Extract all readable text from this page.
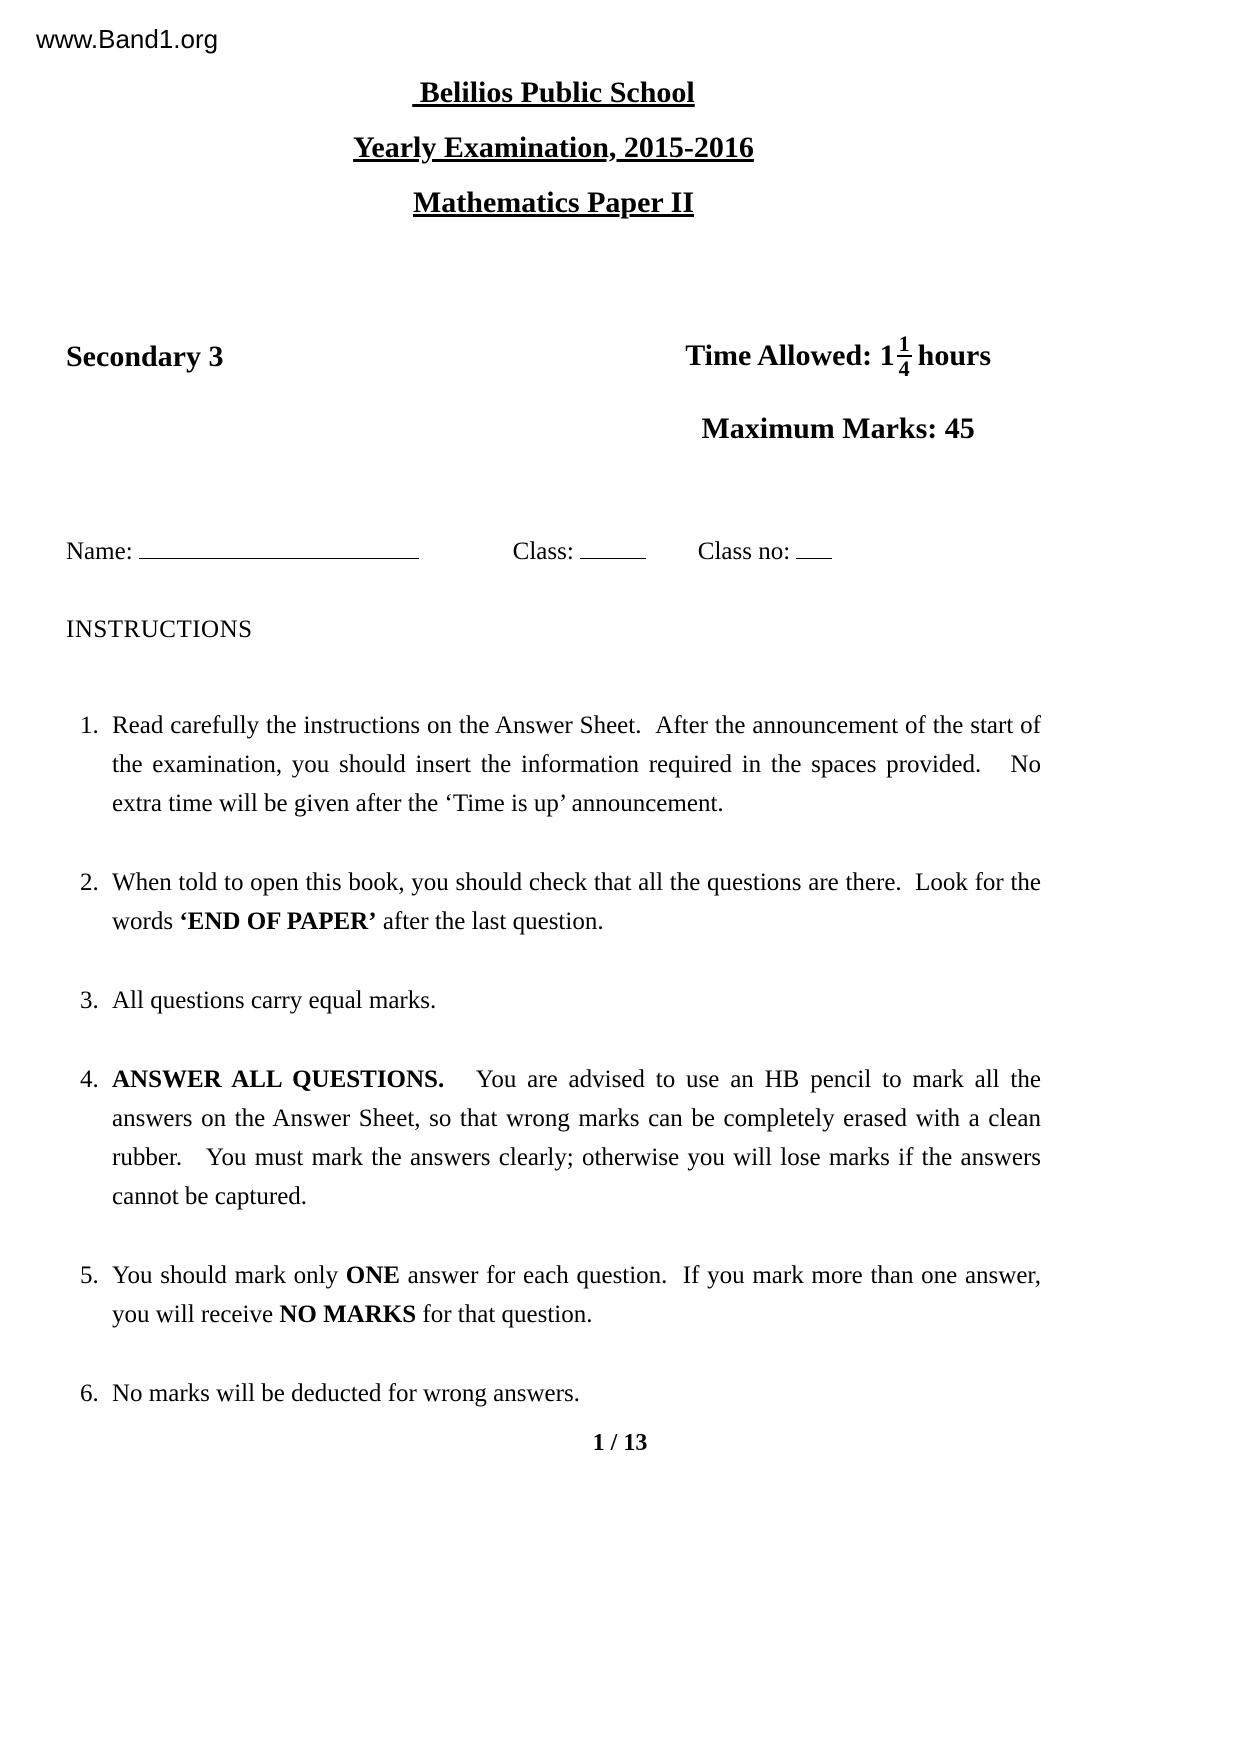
www.Band1.org
Belilios Public School
Yearly Examination, 2015-2016
Mathematics Paper II
Secondary 3	Time Allowed: $1 \frac{1}{4}$ hours
Maximum Marks: 45
Name:	Class:	Class no:
INSTRUCTIONS
1. Read carefully the instructions on the Answer Sheet.  After the announcement of the start of the examination, you should insert the information required in the spaces provided.   No extra time will be given after the ‘Time is up’ announcement.
2. When told to open this book, you should check that all the questions are there.  Look for the words ‘END OF PAPER’ after the last question.
3. All questions carry equal marks.
4. ANSWER ALL QUESTIONS.   You are advised to use an HB pencil to mark all the answers on the Answer Sheet, so that wrong marks can be completely erased with a clean rubber.   You must mark the answers clearly; otherwise you will lose marks if the answers cannot be captured.
5. You should mark only ONE answer for each question.  If you mark more than one answer, you will receive NO MARKS for that question.
6. No marks will be deducted for wrong answers.
1 / 13
